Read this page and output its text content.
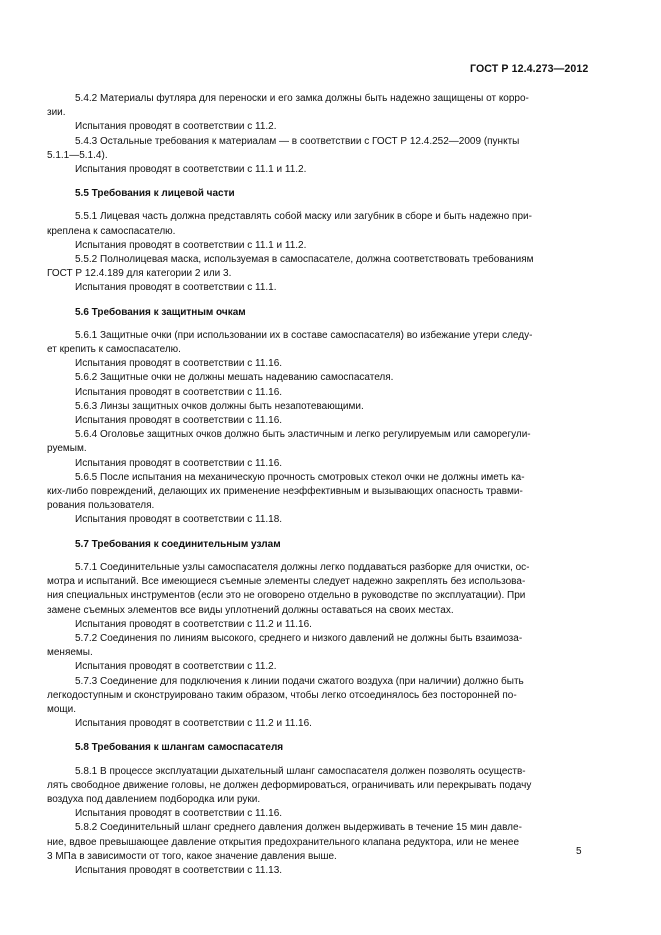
ГОСТ Р 12.4.273—2012

5.4.2 Материалы футляра для переноски и его замка должны быть надежно защищены от корро-
зии.

Испытания проводят в соответствии с 11.2.

5.4.3 Остальные требования к материалам — в соответствии с ГОСТ Р 12.4.252—2009 (пункты
5.1.1—5.1.4).

Испытания проводят в соответствии с 11.1 и 11.2.

5.5 Требования к лицевой части

5.5.1 Лицевая часть должна представлять собой маску или загубник в сборе и быть надежно при-
креплена к самоспасателю.

Испытания проводят в соответствии с 11.1 и 11.2.

5.5.2 Полнолицевая маска, используемая в самоспасателе, должна соответствовать требованиям
ГОСТ Р 12.4.189 для категории 2 или 3.

Испытания проводят в соответствии с 11.1.

5.6 Требования к защитным очкам

5.6.1 Защитные очки (при использовании их в составе самоспасателя) во избежание утери следу-
ет крепить к самоспасателю.

Испытания проводят в соответствии с 11.16.

5.6.2 Защитные очки не должны мешать надеванию самоспасателя.

Испытания проводят в соответствии с 11.16.

5.6.3 Линзы защитных очков должны быть незапотевающими.

Испытания проводят в соответствии с 11.16.

5.6.4 Оголовье защитных очков должно быть эластичным и легко регулируемым или саморегули-
руемым.

Испытания проводят в соответствии с 11.16.

5.6.5 После испытания на механическую прочность смотровых стекол очки не должны иметь ка-
ких-либо повреждений, делающих их применение неэффективным и вызывающих опасность травми-
рования пользователя.

Испытания проводят в соответствии с 11.18.

5.7 Требования к соединительным узлам

5.7.1 Соединительные узлы самоспасателя должны легко поддаваться разборке для очистки, ос-
мотра и испытаний. Все имеющиеся съемные элементы следует надежно закреплять без использова-
ния специальных инструментов (если это не оговорено отдельно в руководстве по эксплуатации). При
замене съемных элементов все виды уплотнений должны оставаться на своих местах.

Испытания проводят в соответствии с 11.2 и 11.16.

5.7.2 Соединения по линиям высокого, среднего и низкого давлений не должны быть взаимоза-
меняемы.

Испытания проводят в соответствии с 11.2.

5.7.3 Соединение для подключения к линии подачи сжатого воздуха (при наличии) должно быть
легкодоступным и сконструировано таким образом, чтобы легко отсоединялось без посторонней по-
мощи.

Испытания проводят в соответствии с 11.2 и 11.16.

5.8 Требования к шлангам самоспасателя

5.8.1 В процессе эксплуатации дыхательный шланг самоспасателя должен позволять осуществ-
лять свободное движение головы, не должен деформироваться, ограничивать или перекрывать подачу
воздуха под давлением подбородка или руки.

Испытания проводят в соответствии с 11.16.

5.8.2 Соединительный шланг среднего давления должен выдерживать в течение 15 мин давле-
ние, вдвое превышающее давление открытия предохранительного клапана редуктора, или не менее
3 МПа в зависимости от того, какое значение давления выше.

Испытания проводят в соответствии с 11.13.

5
